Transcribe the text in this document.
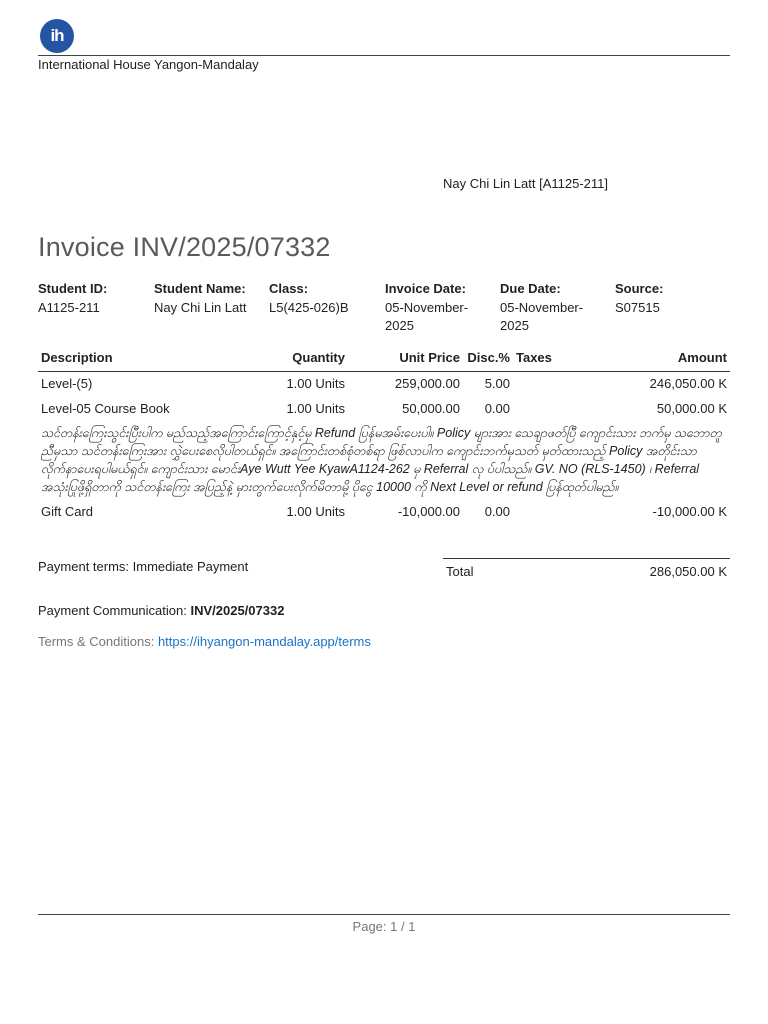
ih
International House Yangon-Mandalay
Nay Chi Lin Latt [A1125-211]
Invoice INV/2025/07332
Student ID:
A1125-211
Student Name:
Nay Chi Lin Latt
Class:
L5(425-026)B
Invoice Date:
05-November-2025
Due Date:
05-November-2025
Source:
S07515
Description	Quantity	Unit Price	Disc.%	Taxes	Amount
Level-(5)	1.00 Units	259,000.00	5.00		246,050.00 K
Level-05 Course Book	1.00 Units	50,000.00	0.00		50,000.00 K
သင်တန်းကြေးသွင်းပြီးပါက မည်သည့်အကြောင်းကြောင့်နှင့်မှ Refund ပြန်မအမ်းပေးပါ။ Policy များအား သေချာဖတ်ပြီ ကျောင်းသား ဘက်မှ သဘောတူညီမှသာ သင်တန်းကြေးအား လွှဲပေးစေလိုပါတယ်ရှင်။ အကြောင်းတစ်စုံတစ်ရာ ဖြစ်လာပါက ကျောင်းဘက်မှသတ် မှတ်ထားသည့် Policy အတိုင်းသာ လိုက်နာပေးရပါမယ်ရှင်။ ကျောင်းသား မောင်းAye Wutt Yee KyawA1124-262 မှ Referral လု ပ်ပါသည်။ GV. NO (RLS-1450) ၊ Referral အသုံးပြုဖို့ရှိတာကို သင်တန်းကြေး အပြည့်နဲ့ မှားတွက်ပေးလိုက်မိတာမို့ ပိုငွေ 10000 ကို Next Level or refund ပြန်ထုတ်ပါမည်။					
Gift Card	1.00 Units	-10,000.00	0.00		-10,000.00 K
Payment terms: Immediate Payment	Total	286,050.00 K
Payment Communication: INV/2025/07332
Terms & Conditions: https://ihyangon-mandalay.app/terms
Page: 1 / 1
